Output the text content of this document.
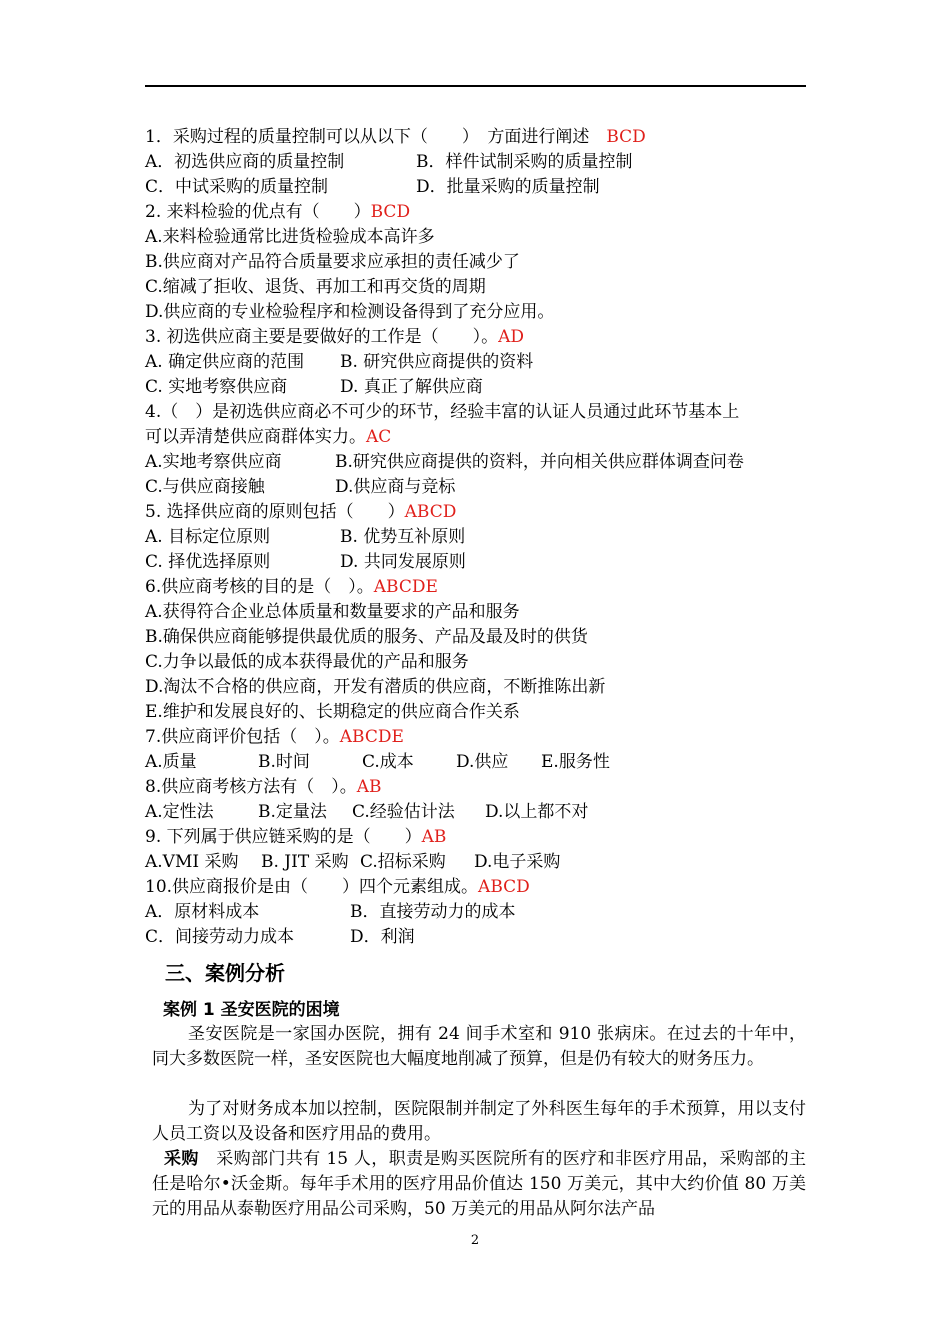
1．采购过程的质量控制可以从以下（　　）　方面进行阐述　BCD
A．初选供应商的质量控制	B．样件试制采购的质量控制
C．中试采购的质量控制	D．批量采购的质量控制
2. 来料检验的优点有（　　）BCD
A.来料检验通常比进货检验成本高许多
B.供应商对产品符合质量要求应承担的责任减少了
C.缩减了拒收、退货、再加工和再交货的周期
D.供应商的专业检验程序和检测设备得到了充分应用。
3. 初选供应商主要是要做好的工作是（　　）。AD
A. 确定供应商的范围 B. 研究供应商提供的资料
C. 实地考察供应商	D. 真正了解供应商
4.（　）是初选供应商必不可少的环节，经验丰富的认证人员通过此环节基本上
可以弄清楚供应商群体实力。AC
A.实地考察供应商	B.研究供应商提供的资料，并向相关供应群体调查问卷
C.与供应商接触	D.供应商与竞标
5. 选择供应商的原则包括（　　）ABCD
A. 目标定位原则	B. 优势互补原则
C. 择优选择原则	D. 共同发展原则
6.供应商考核的目的是（　）。ABCDE
A.获得符合企业总体质量和数量要求的产品和服务
B.确保供应商能够提供最优质的服务、产品及最及时的供货
C.力争以最低的成本获得最优的产品和服务
D.淘汰不合格的供应商，开发有潜质的供应商，不断推陈出新
E.维护和发展良好的、长期稳定的供应商合作关系
7.供应商评价包括（　）。ABCDE
A.质量	B.时间	C.成本 D.供应 E.服务性
8.供应商考核方法有（　）。AB
A.定性法	B.定量法 C.经验估计法 D.以上都不对
9. 下列属于供应链采购的是（　　）AB
A.VMI 采购 B. JIT 采购 C.招标采购 D.电子采购
10.供应商报价是由（　　）四个元素组成。ABCD
A．原材料成本	B．直接劳动力的成本
C．间接劳动力成本	D．利润
三、案例分析
案例 1 圣安医院的困境
圣安医院是一家国办医院，拥有 24 间手术室和 910 张病床。在过去的十年中，同大多数医院一样，圣安医院也大幅度地削减了预算，但是仍有较大的财务压力。
为了对财务成本加以控制，医院限制并制定了外科医生每年的手术预算，用以支付人员工资以及设备和医疗用品的费用。
采购　采购部门共有 15 人，职责是购买医院所有的医疗和非医疗用品，采购部的主任是哈尔•沃金斯。每年手术用的医疗用品价值达 150 万美元，其中大约价值 80 万美元的用品从泰勒医疗用品公司采购，50 万美元的用品从阿尔法产品
2
